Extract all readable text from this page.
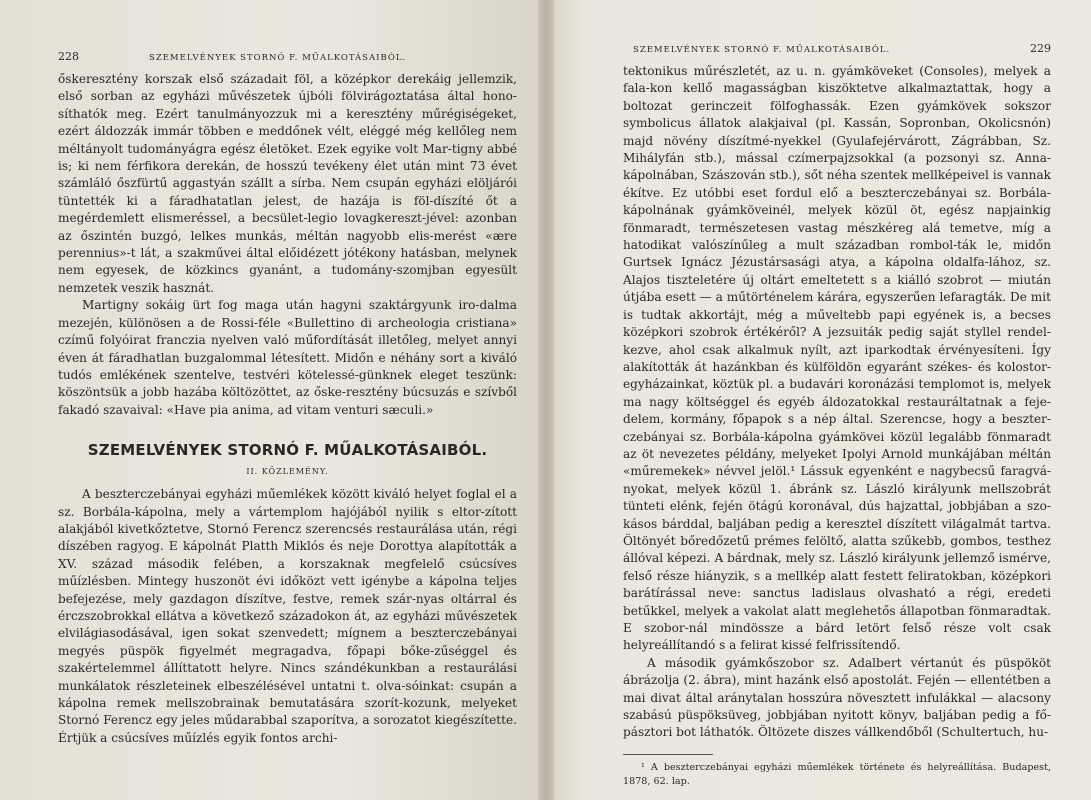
228	SZEMELVÉNYEK STORNÓ F. MŰALKOTÁSAIBÓL.

őskeresztény korszak első századait föl, a középkor derekáig jellemzik, első sorban az egyházi művészetek újbóli fölvirágoztatása által hono-síthatók meg. Ezért tanulmányozzuk mi a keresztény műrégiségeket, ezért áldozzák immár többen e meddőnek vélt, eléggé még kellőleg nem méltányolt tudományágra egész életöket. Ezek egyike volt Mar-tigny abbé is; ki nem férfikora derekán, de hosszú tevékeny élet után mint 73 évet számláló őszfürtű aggastyán szállt a sírba. Nem csupán egyházi elöljárói tüntették ki a fáradhatatlan jelest, de hazája is föl-díszíté őt a megérdemlett elismeréssel, a becsület-legio lovagkereszt-jével: azonban az őszintén buzgó, lelkes munkás, méltán nagyobb elis-merést «ære perennius»-t lát, a szakművei által előidézett jótékony hatásban, melynek nem egyesek, de közkincs gyanánt, a tudomány-szomjban egyesült nemzetek veszik hasznát.

Martigny sokáig ürt fog maga után hagyni szaktárgyunk iro-dalma mezején, különösen a de Rossi-féle «Bullettino di archeologia cristiana» czímű folyóirat franczia nyelven való műfordítását illetőleg, melyet annyi éven át fáradhatlan buzgalommal létesített. Midőn e néhány sort a kiváló tudós emlékének szentelve, testvéri kötelessé-günknek eleget teszünk: köszöntsük a jobb hazába költözöttet, az őske-resztény búcsuzás e szívből fakadó szavaival: «Have pia anima, ad vitam venturi sæculi.»

SZEMELVÉNYEK STORNÓ F. MŰALKOTÁSAIBÓL.
II. KÖZLEMÉNY.

A beszterczebányai egyházi műemlékek között kiváló helyet foglal el a sz. Borbála-kápolna, mely a vártemplom hajójából nyilik s eltor-zított alakjából kivetkőztetve, Stornó Ferencz szerencsés restaurálása után, régi díszében ragyog. E kápolnát Platth Miklós és neje Dorottya alapították a XV. század második felében, a korszaknak megfelelő csúcsíves műízlésben. Mintegy huszonöt évi időközt vett igénybe a kápolna teljes befejezése, mely gazdagon díszítve, festve, remek szár-nyas oltárral és érczszobrokkal ellátva a következő századokon át, az egyházi művészetek elvilágiasodásával, igen sokat szenvedett; mígnem a beszterczebányai megyés püspök figyelmét megragadva, főpapi bőke-zűséggel és szakértelemmel állíttatott helyre. Nincs szándékunkban a restaurálási munkálatok részleteinek elbeszélésével untatni t. olva-sóinkat: csupán a kápolna remek mellszobrainak bemutatására szorít-kozunk, melyeket Stornó Ferencz egy jeles műdarabbal szaporítva, a sorozatot kiegészítette. Értjük a csúcsíves műízlés egyik fontos archi-

SZEMELVÉNYEK STORNÓ F. MŰALKOTÁSAIBÓL.	229

tektonikus műrészletét, az u. n. gyámköveket (Consoles), melyek a fala-kon kellő magasságban kiszöktetve alkalmaztattak, hogy a boltozat gerinczeit fölfoghassák. Ezen gyámkövek sokszor symbolicus állatok alakjaival (pl. Kassán, Sopronban, Okolicsnón) majd növény díszítmé-nyekkel (Gyulafejérvárott, Zágrábban, Sz. Mihályfán stb.), mással czímerpajzsokkal (a pozsonyi sz. Anna-kápolnában, Szászován stb.), sőt néha szentek mellképeivel is vannak ékítve. Ez utóbbi eset fordul elő a beszterczebányai sz. Borbála-kápolnának gyámköveinél, melyek közül öt, egész napjainkig fönmaradt, természetesen vastag mészkéreg alá temetve, míg a hatodikat valószínűleg a mult században rombol-ták le, midőn Gurtsek Ignácz Jézustársasági atya, a kápolna oldalfa-lához, sz. Alajos tiszteletére új oltárt emeltetett s a kiálló szobrot — miután útjába esett — a műtörténelem kárára, egyszerűen lefaragták. De mit is tudtak akkortájt, még a műveltebb papi egyének is, a becses középkori szobrok értékéről? A jezsuiták pedig saját styllel rendel-kezve, ahol csak alkalmuk nyílt, azt iparkodtak érvényesíteni. Így alakították át hazánkban és külföldön egyaránt székes- és kolostor-egyházainkat, köztük pl. a budavári koronázási templomot is, melyek ma nagy költséggel és egyéb áldozatokkal restauráltatnak a feje-delem, kormány, főpapok s a nép által. Szerencse, hogy a beszter-czebányai sz. Borbála-kápolna gyámkövei közül legalább fönmaradt az öt nevezetes példány, melyeket Ipolyi Arnold munkájában méltán «műremekek» névvel jelöl.¹ Lássuk egyenként e nagybecsű faragvá-nyokat, melyek közül 1. ábránk sz. László királyunk mellszobrát tünteti elénk, fején ötágú koronával, dús hajzattal, jobbjában a szo-kásos bárddal, baljában pedig a keresztel díszített világalmát tartva. Öltönyét bőredőzetű prémes felöltő, alatta szűkebb, gombos, testhez állóval képezi. A bárdnak, mely sz. László királyunk jellemző ismérve, felső része hiányzik, s a mellkép alatt festett feliratokban, középkori barátírással neve: sanctus ladislaus olvasható a régi, eredeti betűkkel, melyek a vakolat alatt meglehetős állapotban fönmaradtak. E szobor-nál mindössze a bárd letört felső része volt csak helyreállítandó s a felirat kissé felfrissítendő.

A második gyámkőszobor sz. Adalbert vértanút és püspököt ábrázolja (2. ábra), mint hazánk első apostolát. Fején — ellentétben a mai divat által aránytalan hosszúra növesztett infulákkal — alacsony szabású püspöksüveg, jobbjában nyitott könyv, baljában pedig a fő-pásztori bot láthatók. Öltözete diszes vállkendőből (Schultertuch, hu-

¹ A beszterczebányai egyházi műemlékek története és helyreállítása. Budapest, 1878, 62. lap.
